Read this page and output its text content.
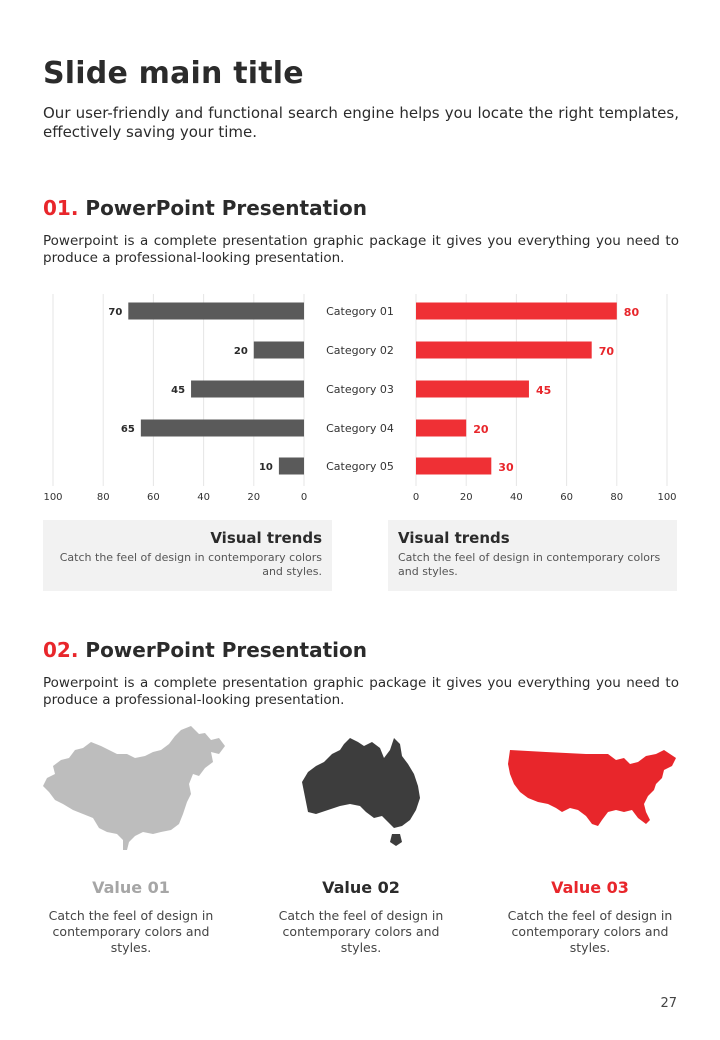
Slide main title

Our user-friendly and functional search engine helps you locate the right templates, effectively saving your time.

01. PowerPoint Presentation

Powerpoint is a complete presentation graphic package it gives you everything you need to produce a professional-looking presentation.

100	80	60	40	20	0	0	20	40	60	80	100
70
20
45
65
10
80
70
45
20
30
Category 01
Category 02
Category 03
Category 04
Category 05
Visual trends
Catch the feel of design in contemporary colors and styles.
Visual trends
Catch the feel of design in contemporary colors and styles.
02. PowerPoint Presentation

Powerpoint is a complete presentation graphic package it gives you everything you need to produce a professional-looking presentation.

Value 01
Catch the feel of design in contemporary colors and styles.
Value 02
Catch the feel of design in contemporary colors and styles.
Value 03
Catch the feel of design in contemporary colors and styles.
27
